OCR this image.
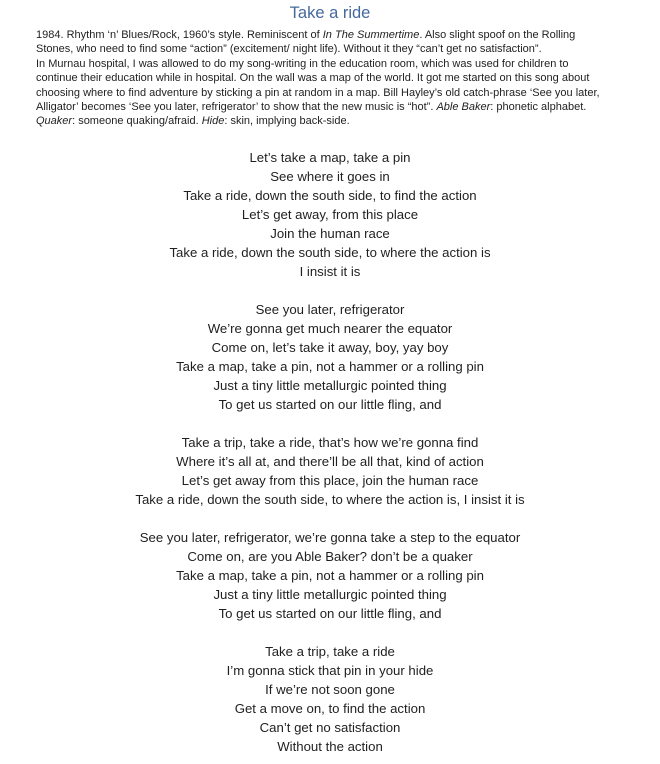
Take a ride
1984. Rhythm ‘n’ Blues/Rock, 1960’s style. Reminiscent of In The Summertime. Also slight spoof on the Rolling
Stones, who need to find some “action” (excitement/ night life). Without it they “can’t get no satisfaction”.
In Murnau hospital, I was allowed to do my song-writing in the education room, which was used for children to
continue their education while in hospital. On the wall was a map of the world. It got me started on this song about
choosing where to find adventure by sticking a pin at random in a map. Bill Hayley’s old catch-phrase ‘See you later,
Alligator’ becomes ‘See you later, refrigerator’ to show that the new music is “hot”. Able Baker: phonetic alphabet.
Quaker: someone quaking/afraid. Hide: skin, implying back-side.
Let’s take a map, take a pin
See where it goes in
Take a ride, down the south side, to find the action
Let’s get away, from this place
Join the human race
Take a ride, down the south side, to where the action is
I insist it is
See you later, refrigerator
We’re gonna get much nearer the equator
Come on, let’s take it away, boy, yay boy
Take a map, take a pin, not a hammer or a rolling pin
Just a tiny little metallurgic pointed thing
To get us started on our little fling, and
Take a trip, take a ride, that’s how we’re gonna find
Where it’s all at, and there’ll be all that, kind of action
Let’s get away from this place, join the human race
Take a ride, down the south side, to where the action is, I insist it is
See you later, refrigerator, we’re gonna take a step to the equator
Come on, are you Able Baker? don’t be a quaker
Take a map, take a pin, not a hammer or a rolling pin
Just a tiny little metallurgic pointed thing
To get us started on our little fling, and
Take a trip, take a ride
I’m gonna stick that pin in your hide
If we’re not soon gone
Get a move on, to find the action
Can’t get no satisfaction
Without the action
